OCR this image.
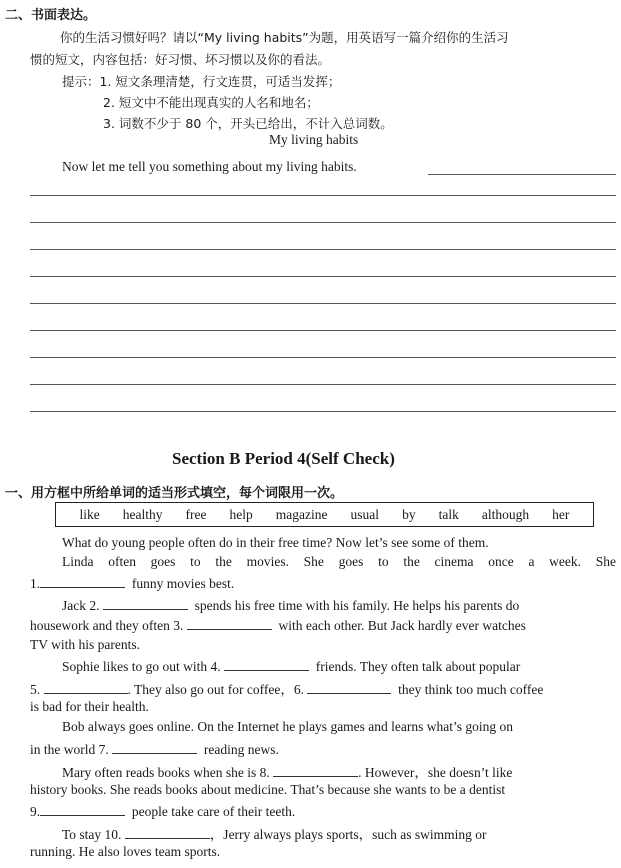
二、书面表达。
你的生活习惯好吗？请以“My living habits”为题，用英语写一篇介绍你的生活习
惯的短文，内容包括：好习惯、坏习惯以及你的看法。
提示：1. 短文条理清楚，行文连贯，可适当发挥；
2. 短文中不能出现真实的人名和地名；
3. 词数不少于 80 个，开头已给出，不计入总词数。
My living habits
Now let me tell you something about my living habits.
Section B Period 4(Self Check)
一、用方框中所给单词的适当形式填空，每个词限用一次。
like healthy free help magazine usual by talk although her
What do young people often do in their free time? Now let’s see some of them.
Linda often goes to the movies. She goes to the cinema once a week. She
1.	funny movies best.
Jack 2.	spends his free time with his family. He helps his parents do
housework and they often 3.	with each other. But Jack hardly ever watches
TV with his parents.
Sophie likes to go out with 4.	friends. They often talk about popular
5.	. They also go out for coffee，6.	they think too much coffee
is bad for their health.
Bob always goes online. On the Internet he plays games and learns what’s going on
in the world 7.	reading news.
Mary often reads books when she is 8.	. However，she doesn’t like
history books. She reads books about medicine. That’s because she wants to be a dentist
9.	people take care of their teeth.
To stay 10.	，Jerry always plays sports，such as swimming or
running. He also loves team sports.
